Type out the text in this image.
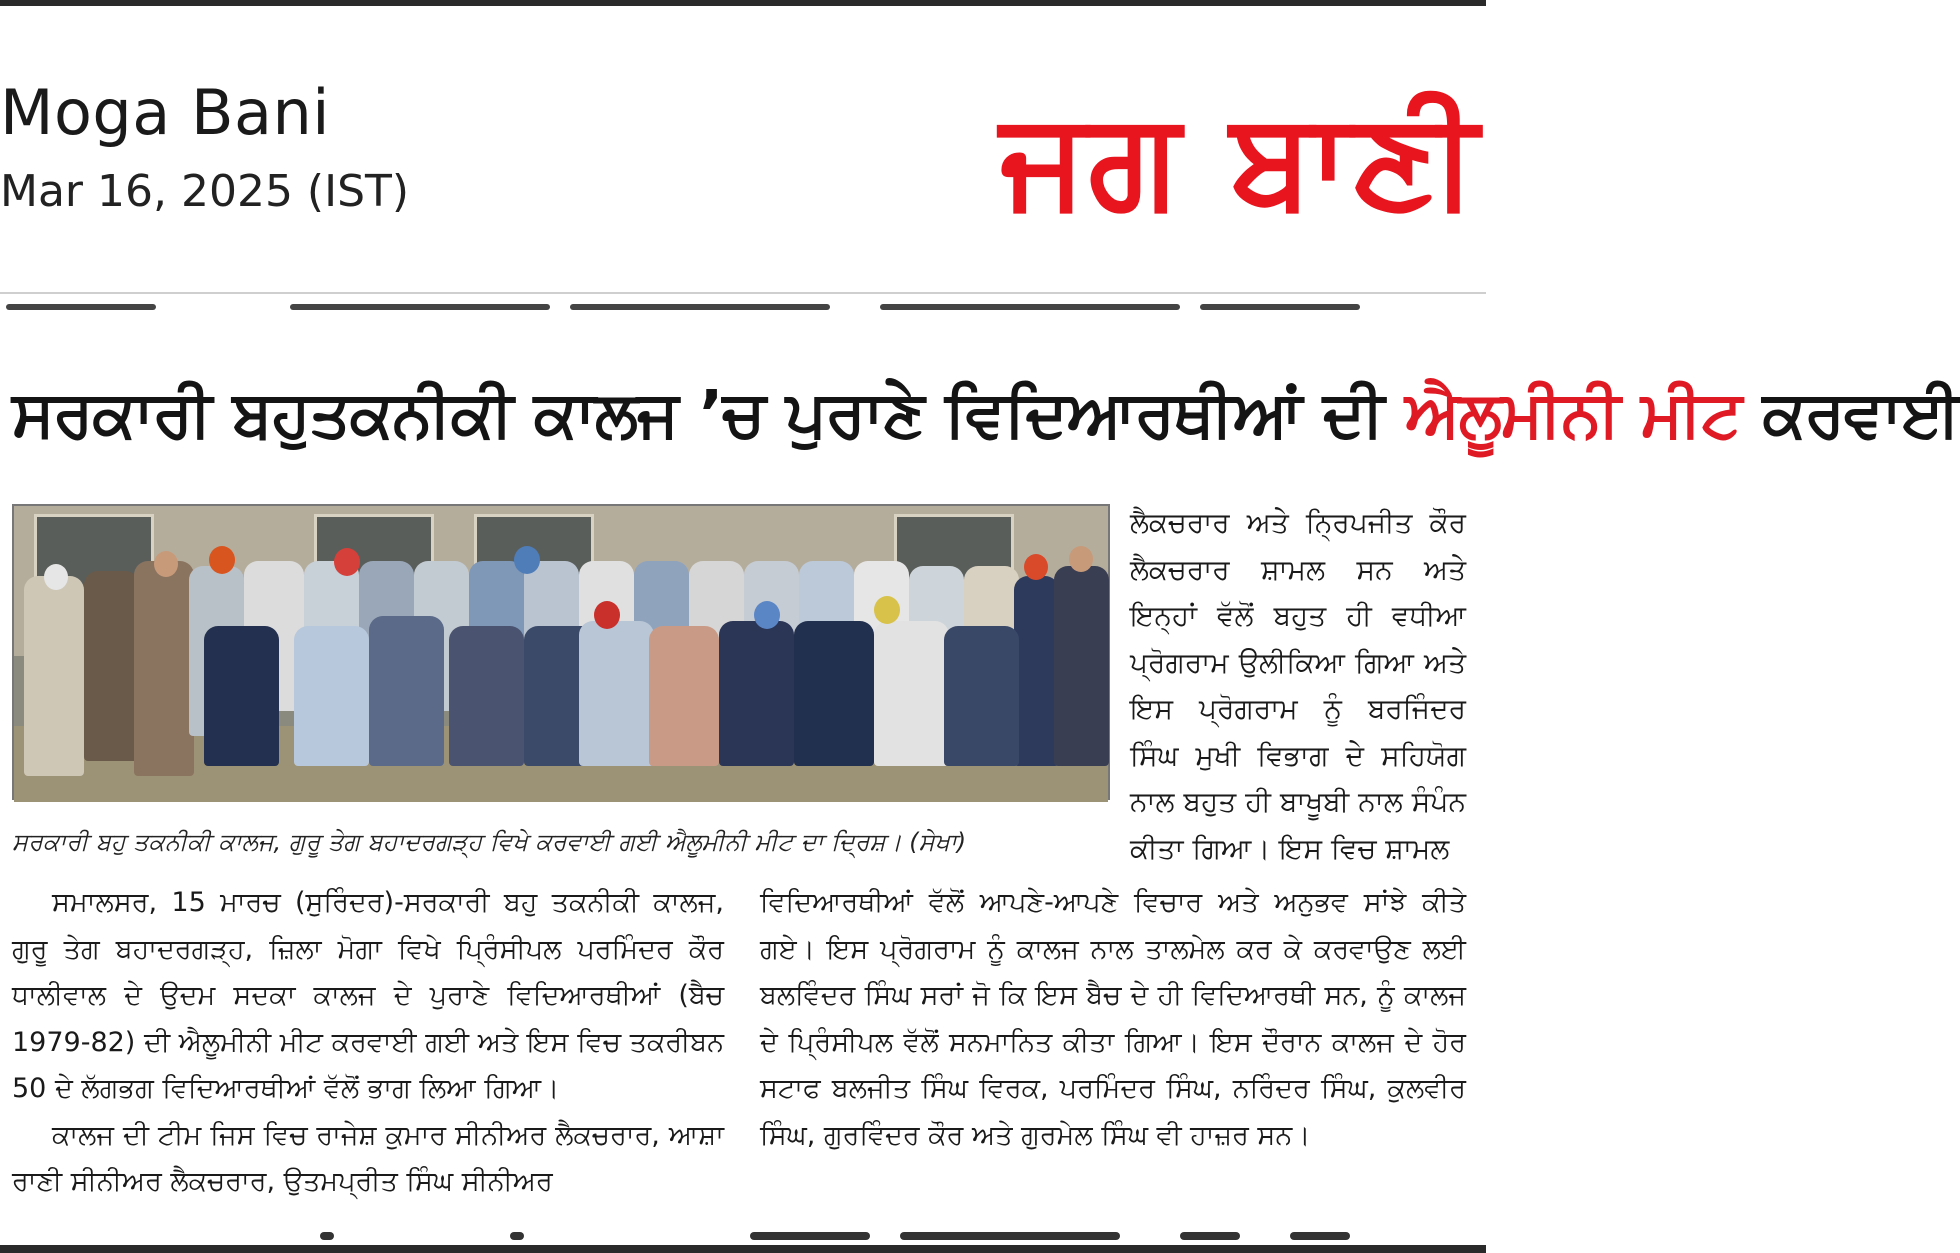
Moga Bani
Mar 16, 2025 (IST)	ਜਗ ਬਾਣੀ
ਸਰਕਾਰੀ ਬਹੁਤਕਨੀਕੀ ਕਾਲਜ ’ਚ ਪੁਰਾਣੇ ਵਿਦਿਆਰਥੀਆਂ ਦੀ ਐਲੂਮੀਨੀ ਮੀਟ ਕਰਵਾਈ
ਸਰਕਾਰੀ ਬਹੁ ਤਕਨੀਕੀ ਕਾਲਜ, ਗੁਰੂ ਤੇਗ ਬਹਾਦਰਗੜ੍ਹ ਵਿਖੇ ਕਰਵਾਈ ਗਈ ਐਲੂਮੀਨੀ ਮੀਟ ਦਾ ਦ੍ਰਿਸ਼। (ਸੇਖਾ)
ਲੈਕਚਰਾਰ ਅਤੇ ਨ੍ਰਿਪਜੀਤ ਕੌਰ ਲੈਕਚਰਾਰ ਸ਼ਾਮਲ ਸਨ ਅਤੇ ਇਨ੍ਹਾਂ ਵੱਲੋਂ ਬਹੁਤ ਹੀ ਵਧੀਆ ਪ੍ਰੋਗਰਾਮ ਉਲੀਕਿਆ ਗਿਆ ਅਤੇ ਇਸ ਪ੍ਰੋਗਰਾਮ ਨੂੰ ਬਰਜਿੰਦਰ ਸਿੰਘ ਮੁਖੀ ਵਿਭਾਗ ਦੇ ਸਹਿਯੋਗ ਨਾਲ ਬਹੁਤ ਹੀ ਬਾਖੂਬੀ ਨਾਲ ਸੰਪੰਨ ਕੀਤਾ ਗਿਆ। ਇਸ ਵਿਚ ਸ਼ਾਮਲ

ਸਮਾਲਸਰ, 15 ਮਾਰਚ (ਸੁਰਿੰਦਰ)-ਸਰਕਾਰੀ ਬਹੁ ਤਕਨੀਕੀ ਕਾਲਜ, ਗੁਰੂ ਤੇਗ ਬਹਾਦਰਗੜ੍ਹ, ਜ਼ਿਲਾ ਮੋਗਾ ਵਿਖੇ ਪ੍ਰਿੰਸੀਪਲ ਪਰਮਿੰਦਰ ਕੌਰ ਧਾਲੀਵਾਲ ਦੇ ਉਦਮ ਸਦਕਾ ਕਾਲਜ ਦੇ ਪੁਰਾਣੇ ਵਿਦਿਆਰਥੀਆਂ (ਬੈਚ 1979-82) ਦੀ ਐਲੂਮੀਨੀ ਮੀਟ ਕਰਵਾਈ ਗਈ ਅਤੇ ਇਸ ਵਿਚ ਤਕਰੀਬਨ 50 ਦੇ ਲੱਗਭਗ ਵਿਦਿਆਰਥੀਆਂ ਵੱਲੋਂ ਭਾਗ ਲਿਆ ਗਿਆ।

ਕਾਲਜ ਦੀ ਟੀਮ ਜਿਸ ਵਿਚ ਰਾਜੇਸ਼ ਕੁਮਾਰ ਸੀਨੀਅਰ ਲੈਕਚਰਾਰ, ਆਸ਼ਾ ਰਾਣੀ ਸੀਨੀਅਰ ਲੈਕਚਰਾਰ, ਉਤਮਪ੍ਰੀਤ ਸਿੰਘ ਸੀਨੀਅਰ

ਵਿਦਿਆਰਥੀਆਂ ਵੱਲੋਂ ਆਪਣੇ-ਆਪਣੇ ਵਿਚਾਰ ਅਤੇ ਅਨੁਭਵ ਸਾਂਝੇ ਕੀਤੇ ਗਏ। ਇਸ ਪ੍ਰੋਗਰਾਮ ਨੂੰ ਕਾਲਜ ਨਾਲ ਤਾਲਮੇਲ ਕਰ ਕੇ ਕਰਵਾਉਣ ਲਈ ਬਲਵਿੰਦਰ ਸਿੰਘ ਸਰਾਂ ਜੋ ਕਿ ਇਸ ਬੈਚ ਦੇ ਹੀ ਵਿਦਿਆਰਥੀ ਸਨ, ਨੂੰ ਕਾਲਜ ਦੇ ਪ੍ਰਿੰਸੀਪਲ ਵੱਲੋਂ ਸਨਮਾਨਿਤ ਕੀਤਾ ਗਿਆ। ਇਸ ਦੌਰਾਨ ਕਾਲਜ ਦੇ ਹੋਰ ਸਟਾਫ ਬਲਜੀਤ ਸਿੰਘ ਵਿਰਕ, ਪਰਮਿੰਦਰ ਸਿੰਘ, ਨਰਿੰਦਰ ਸਿੰਘ, ਕੁਲਵੀਰ ਸਿੰਘ, ਗੁਰਵਿੰਦਰ ਕੌਰ ਅਤੇ ਗੁਰਮੇਲ ਸਿੰਘ ਵੀ ਹਾਜ਼ਰ ਸਨ।
